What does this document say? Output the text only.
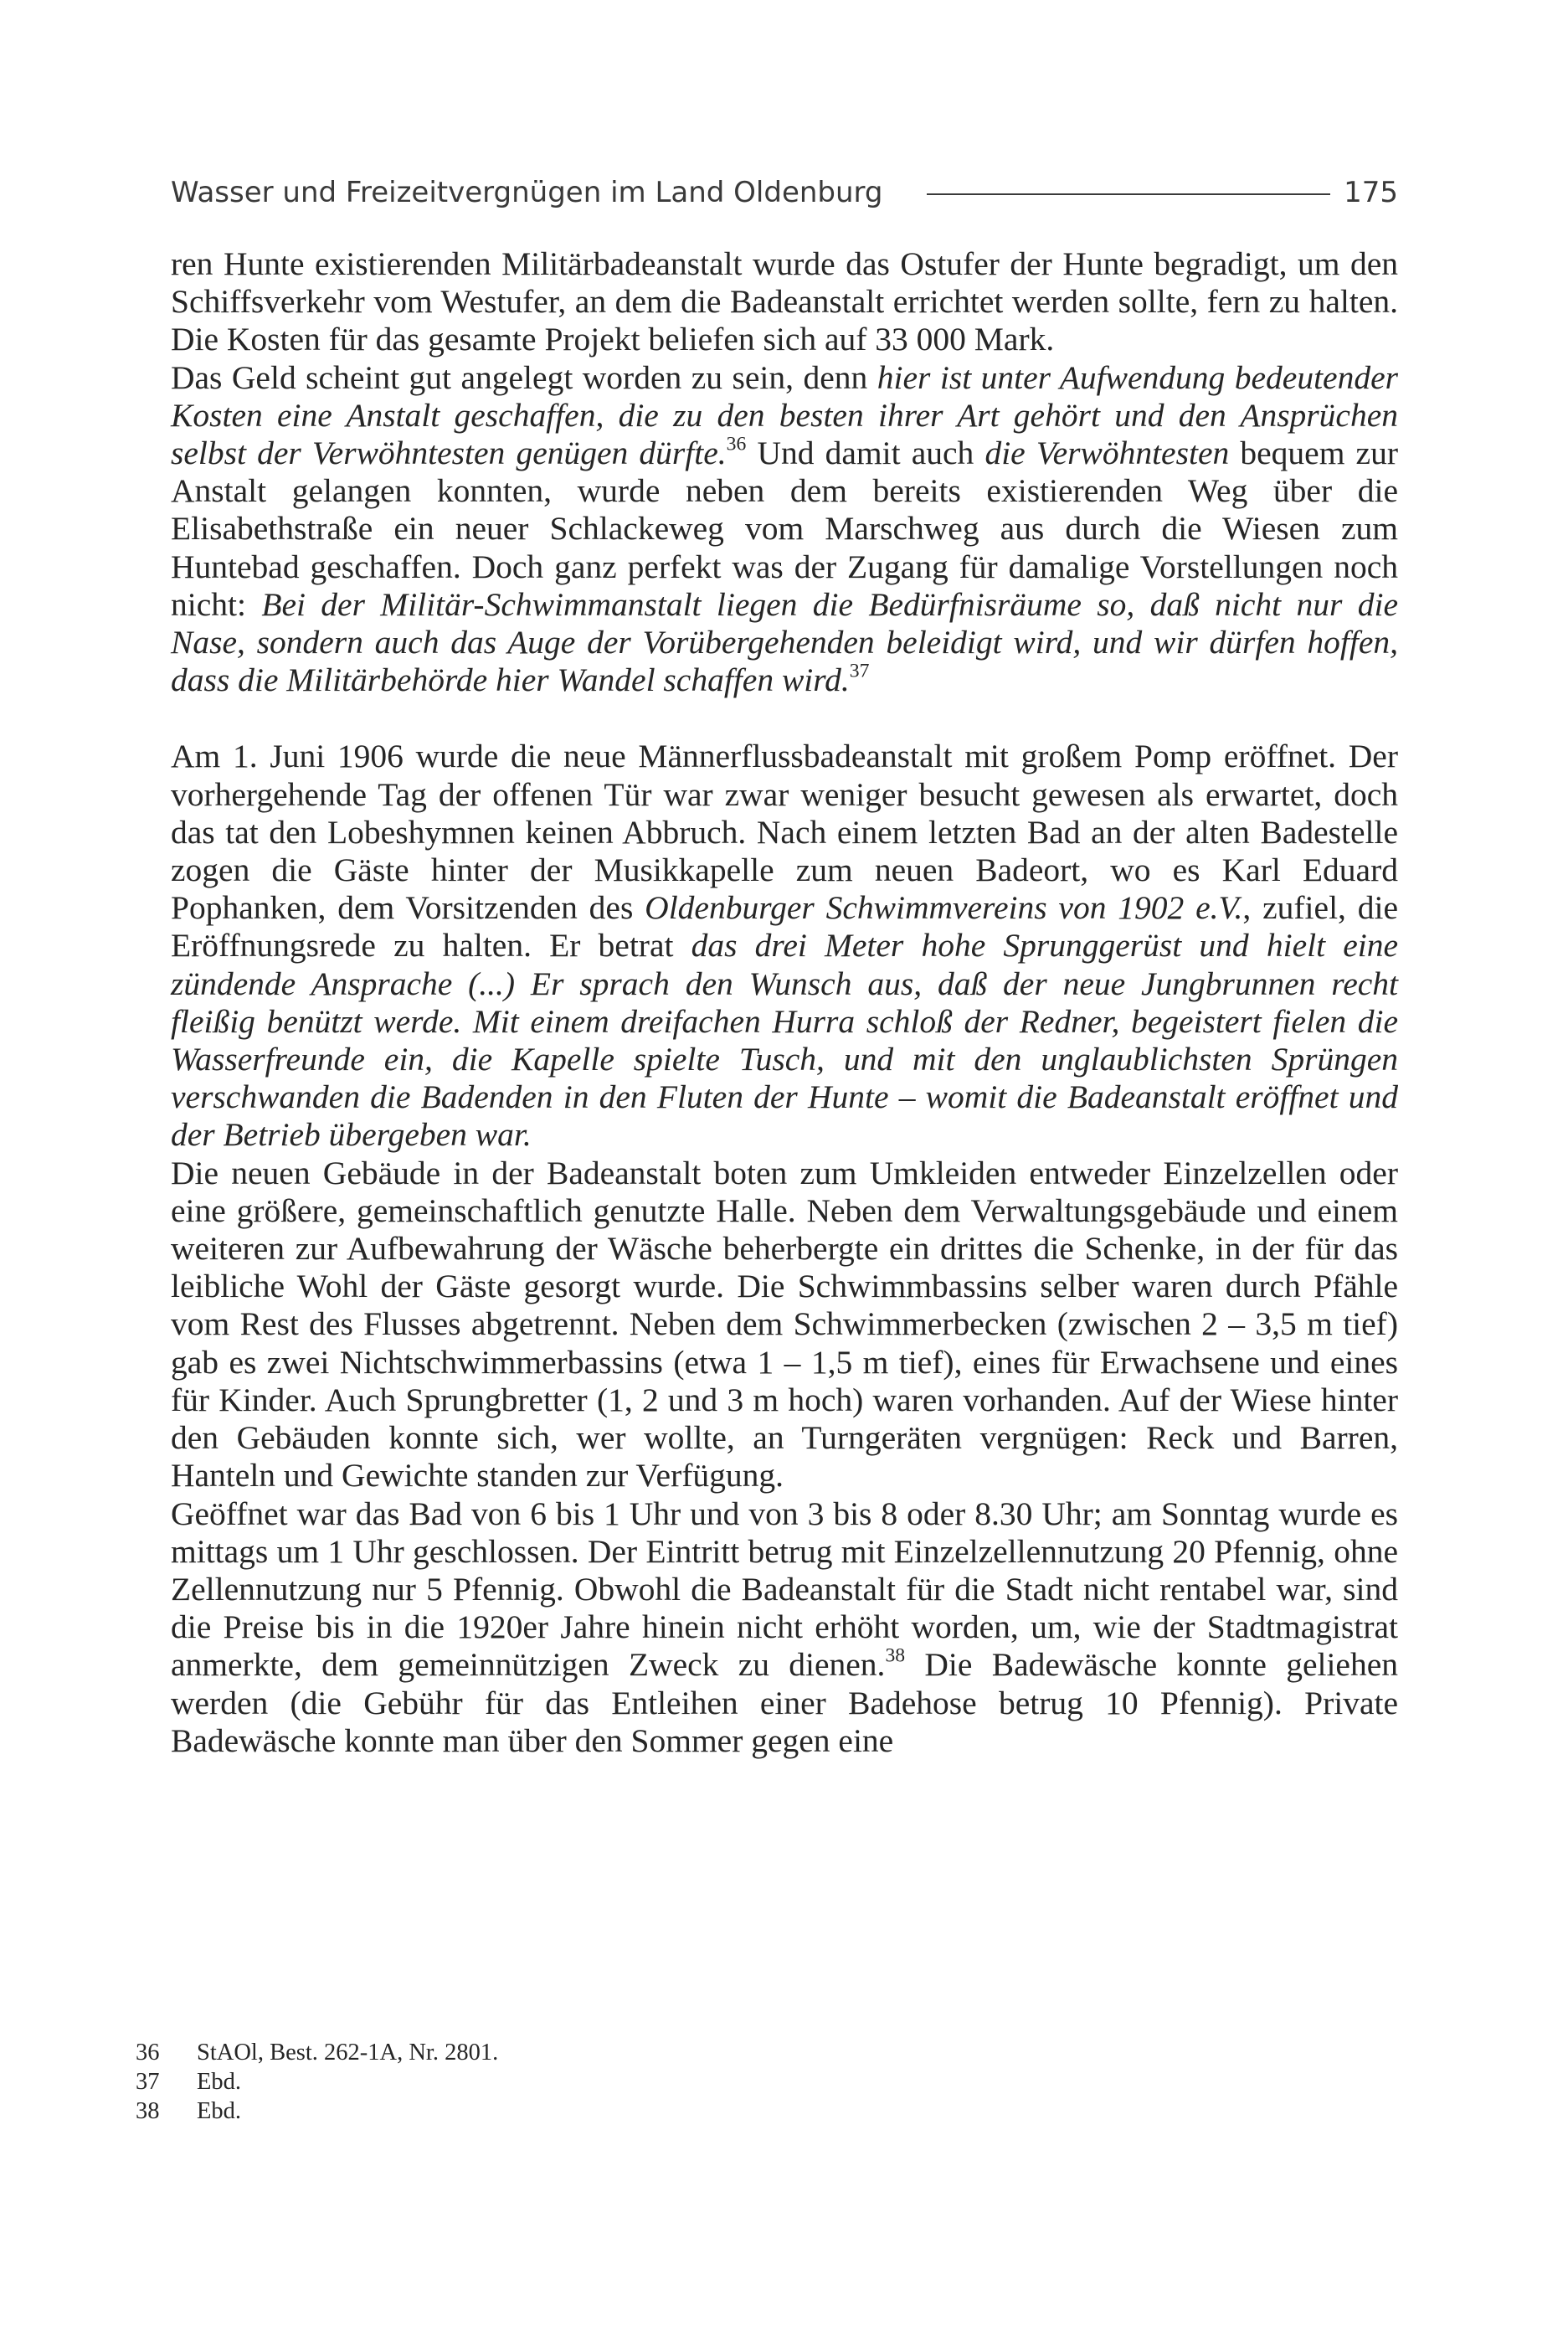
Wasser und Freizeitvergnügen im Land Oldenburg	175

ren Hunte existierenden Militärbadeanstalt wurde das Ostufer der Hunte begradigt, um den Schiffsverkehr vom Westufer, an dem die Badeanstalt errichtet werden sollte, fern zu halten. Die Kosten für das gesamte Projekt beliefen sich auf 33 000 Mark.

Das Geld scheint gut angelegt worden zu sein, denn hier ist unter Aufwendung bedeutender Kosten eine Anstalt geschaffen, die zu den besten ihrer Art gehört und den Ansprüchen selbst der Verwöhntesten genügen dürfte.$^{36}$ Und damit auch die Verwöhntesten bequem zur Anstalt gelangen konnten, wurde neben dem bereits existierenden Weg über die Elisabethstraße ein neuer Schlackeweg vom Marschweg aus durch die Wiesen zum Huntebad geschaffen. Doch ganz perfekt was der Zugang für damalige Vorstellungen noch nicht: Bei der Militär-Schwimmanstalt liegen die Bedürfnisräume so, daß nicht nur die Nase, sondern auch das Auge der Vorübergehenden beleidigt wird, und wir dürfen hoffen, dass die Militärbehörde hier Wandel schaffen wird.$^{37}$

Am 1. Juni 1906 wurde die neue Männerflussbadeanstalt mit großem Pomp eröffnet. Der vorhergehende Tag der offenen Tür war zwar weniger besucht gewesen als erwartet, doch das tat den Lobeshymnen keinen Abbruch. Nach einem letzten Bad an der alten Badestelle zogen die Gäste hinter der Musikkapelle zum neuen Badeort, wo es Karl Eduard Pophanken, dem Vorsitzenden des Oldenburger Schwimmvereins von 1902 e.V., zufiel, die Eröffnungsrede zu halten. Er betrat das drei Meter hohe Sprunggerüst und hielt eine zündende Ansprache (...) Er sprach den Wunsch aus, daß der neue Jungbrunnen recht fleißig benützt werde. Mit einem dreifachen Hurra schloß der Redner, begeistert fielen die Wasserfreunde ein, die Kapelle spielte Tusch, und mit den unglaublichsten Sprüngen verschwanden die Badenden in den Fluten der Hunte – womit die Badeanstalt eröffnet und der Betrieb übergeben war.

Die neuen Gebäude in der Badeanstalt boten zum Umkleiden entweder Einzelzellen oder eine größere, gemeinschaftlich genutzte Halle. Neben dem Verwaltungsgebäude und einem weiteren zur Aufbewahrung der Wäsche beherbergte ein drittes die Schenke, in der für das leibliche Wohl der Gäste gesorgt wurde. Die Schwimmbassins selber waren durch Pfähle vom Rest des Flusses abgetrennt. Neben dem Schwimmerbecken (zwischen 2 – 3,5 m tief) gab es zwei Nichtschwimmerbassins (etwa 1 – 1,5 m tief), eines für Erwachsene und eines für Kinder. Auch Sprungbretter (1, 2 und 3 m hoch) waren vorhanden. Auf der Wiese hinter den Gebäuden konnte sich, wer wollte, an Turngeräten vergnügen: Reck und Barren, Hanteln und Gewichte standen zur Verfügung.

Geöffnet war das Bad von 6 bis 1 Uhr und von 3 bis 8 oder 8.30 Uhr; am Sonntag wurde es mittags um 1 Uhr geschlossen. Der Eintritt betrug mit Einzelzellennutzung 20 Pfennig, ohne Zellennutzung nur 5 Pfennig. Obwohl die Badeanstalt für die Stadt nicht rentabel war, sind die Preise bis in die 1920er Jahre hinein nicht erhöht worden, um, wie der Stadtmagistrat anmerkte, dem gemeinnützigen Zweck zu dienen.$^{38}$ Die Badewäsche konnte geliehen werden (die Gebühr für das Entleihen einer Badehose betrug 10 Pfennig). Private Badewäsche konnte man über den Sommer gegen eine

36	StAOl, Best. 262-1A, Nr. 2801.
37	Ebd.
38	Ebd.
